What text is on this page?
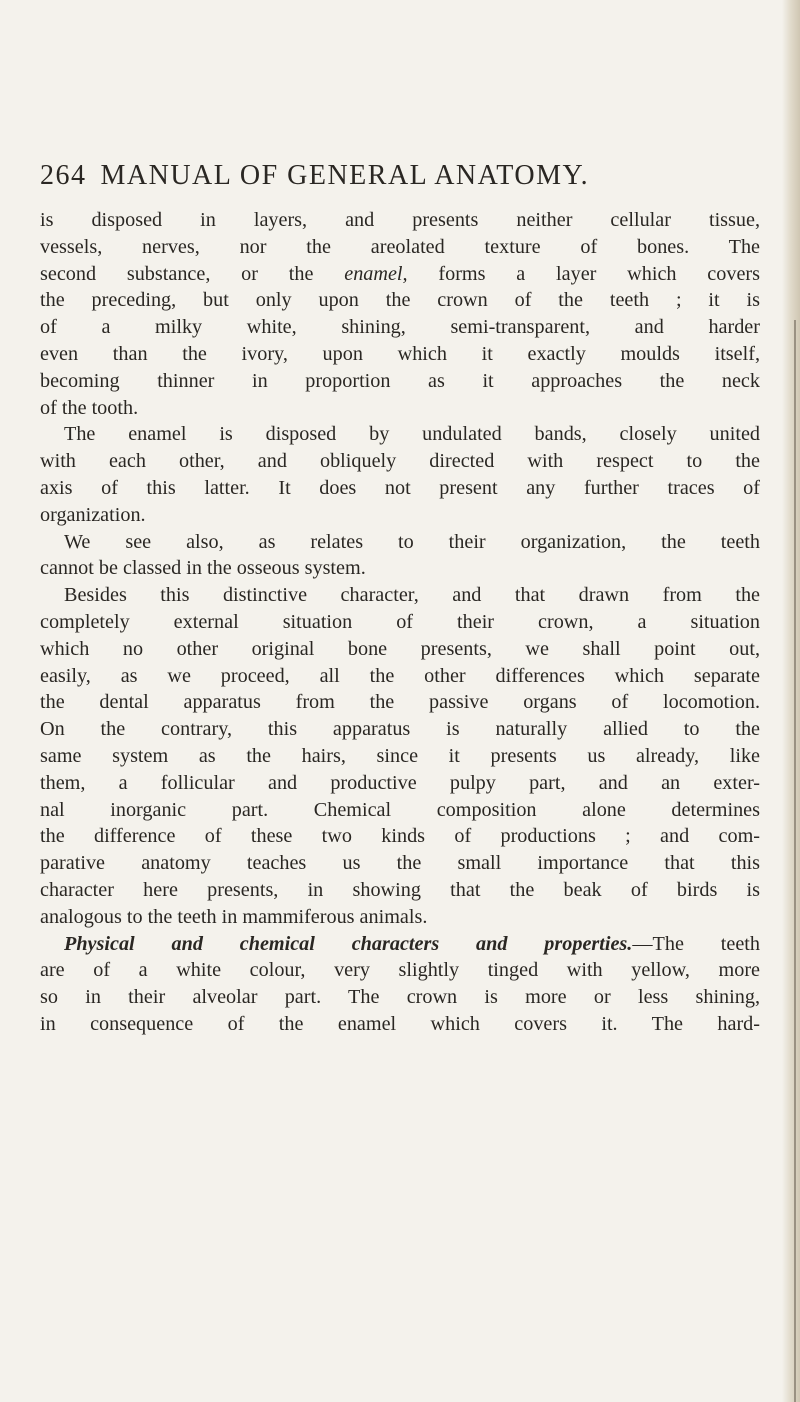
264 MANUAL OF GENERAL ANATOMY.
is disposed in layers, and presents neither cellular tissue,
vessels, nerves, nor the areolated texture of bones. The
second substance, or the enamel, forms a layer which covers
the preceding, but only upon the crown of the teeth ; it is
of a milky white, shining, semi-transparent, and harder
even than the ivory, upon which it exactly moulds itself,
becoming thinner in proportion as it approaches the neck
of the tooth.
The enamel is disposed by undulated bands, closely united
with each other, and obliquely directed with respect to the
axis of this latter. It does not present any further traces of
organization.
We see also, as relates to their organization, the teeth
cannot be classed in the osseous system.
Besides this distinctive character, and that drawn from the
completely external situation of their crown, a situation
which no other original bone presents, we shall point out,
easily, as we proceed, all the other differences which separate
the dental apparatus from the passive organs of locomotion.
On the contrary, this apparatus is naturally allied to the
same system as the hairs, since it presents us already, like
them, a follicular and productive pulpy part, and an exter-
nal inorganic part. Chemical composition alone determines
the difference of these two kinds of productions ; and com-
parative anatomy teaches us the small importance that this
character here presents, in showing that the beak of birds is
analogous to the teeth in mammiferous animals.
Physical and chemical characters and properties.—The teeth
are of a white colour, very slightly tinged with yellow, more
so in their alveolar part. The crown is more or less shining,
in consequence of the enamel which covers it. The hard-
